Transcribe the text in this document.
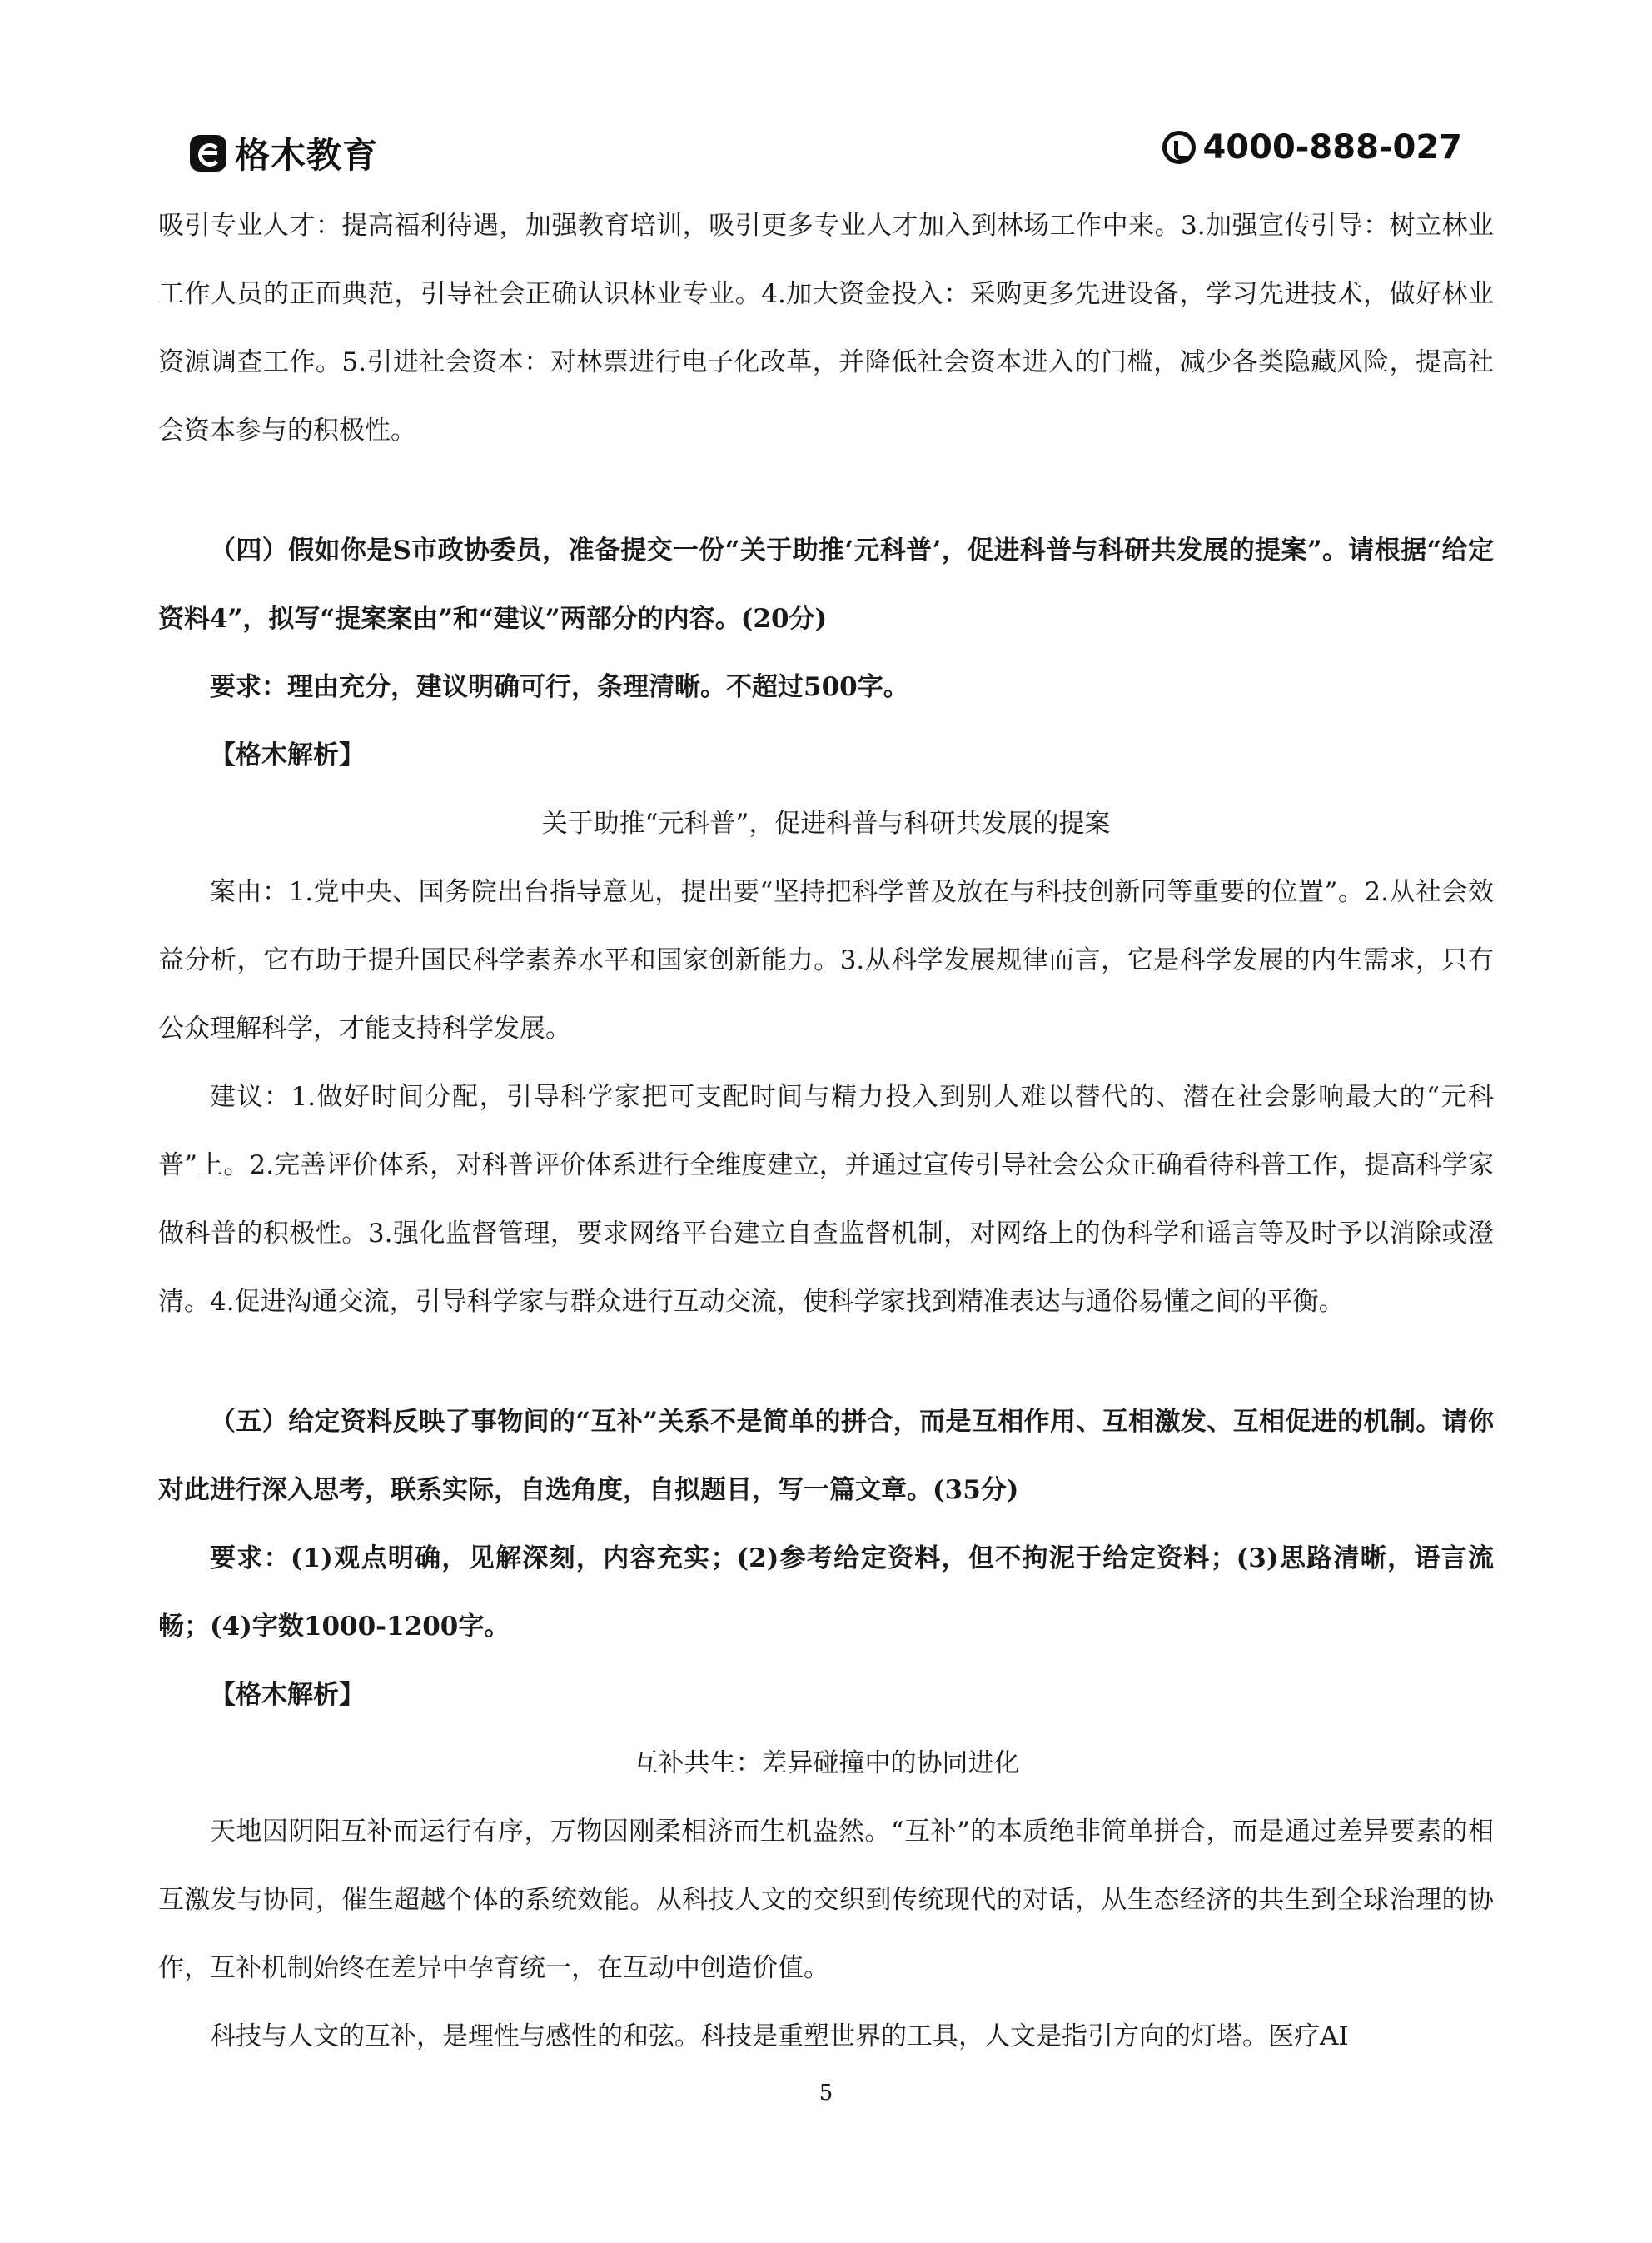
格木教育	4000-888-027

吸引专业人才：提高福利待遇，加强教育培训，吸引更多专业人才加入到林场工作中来。3.加强宣传引导：树立林业工作人员的正面典范，引导社会正确认识林业专业。4.加大资金投入：采购更多先进设备，学习先进技术，做好林业资源调查工作。5.引进社会资本：对林票进行电子化改革，并降低社会资本进入的门槛，减少各类隐藏风险，提高社会资本参与的积极性。

（四）假如你是S市政协委员，准备提交一份“关于助推‘元科普’，促进科普与科研共发展的提案”。请根据“给定资料4”，拟写“提案案由”和“建议”两部分的内容。(20分)

要求：理由充分，建议明确可行，条理清晰。不超过500字。

【格木解析】

关于助推“元科普”，促进科普与科研共发展的提案

案由：1.党中央、国务院出台指导意见，提出要“坚持把科学普及放在与科技创新同等重要的位置”。2.从社会效益分析，它有助于提升国民科学素养水平和国家创新能力。3.从科学发展规律而言，它是科学发展的内生需求，只有公众理解科学，才能支持科学发展。

建议：1.做好时间分配，引导科学家把可支配时间与精力投入到别人难以替代的、潜在社会影响最大的“元科普”上。2.完善评价体系，对科普评价体系进行全维度建立，并通过宣传引导社会公众正确看待科普工作，提高科学家做科普的积极性。3.强化监督管理，要求网络平台建立自查监督机制，对网络上的伪科学和谣言等及时予以消除或澄清。4.促进沟通交流，引导科学家与群众进行互动交流，使科学家找到精准表达与通俗易懂之间的平衡。

（五）给定资料反映了事物间的“互补”关系不是简单的拼合，而是互相作用、互相激发、互相促进的机制。请你对此进行深入思考，联系实际，自选角度，自拟题目，写一篇文章。(35分)

要求：(1)观点明确，见解深刻，内容充实；(2)参考给定资料，但不拘泥于给定资料；(3)思路清晰，语言流畅；(4)字数1000-1200字。

【格木解析】

互补共生：差异碰撞中的协同进化

天地因阴阳互补而运行有序，万物因刚柔相济而生机盎然。“互补”的本质绝非简单拼合，而是通过差异要素的相互激发与协同，催生超越个体的系统效能。从科技人文的交织到传统现代的对话，从生态经济的共生到全球治理的协作，互补机制始终在差异中孕育统一，在互动中创造价值。

科技与人文的互补，是理性与感性的和弦。科技是重塑世界的工具，人文是指引方向的灯塔。医疗AI

5
